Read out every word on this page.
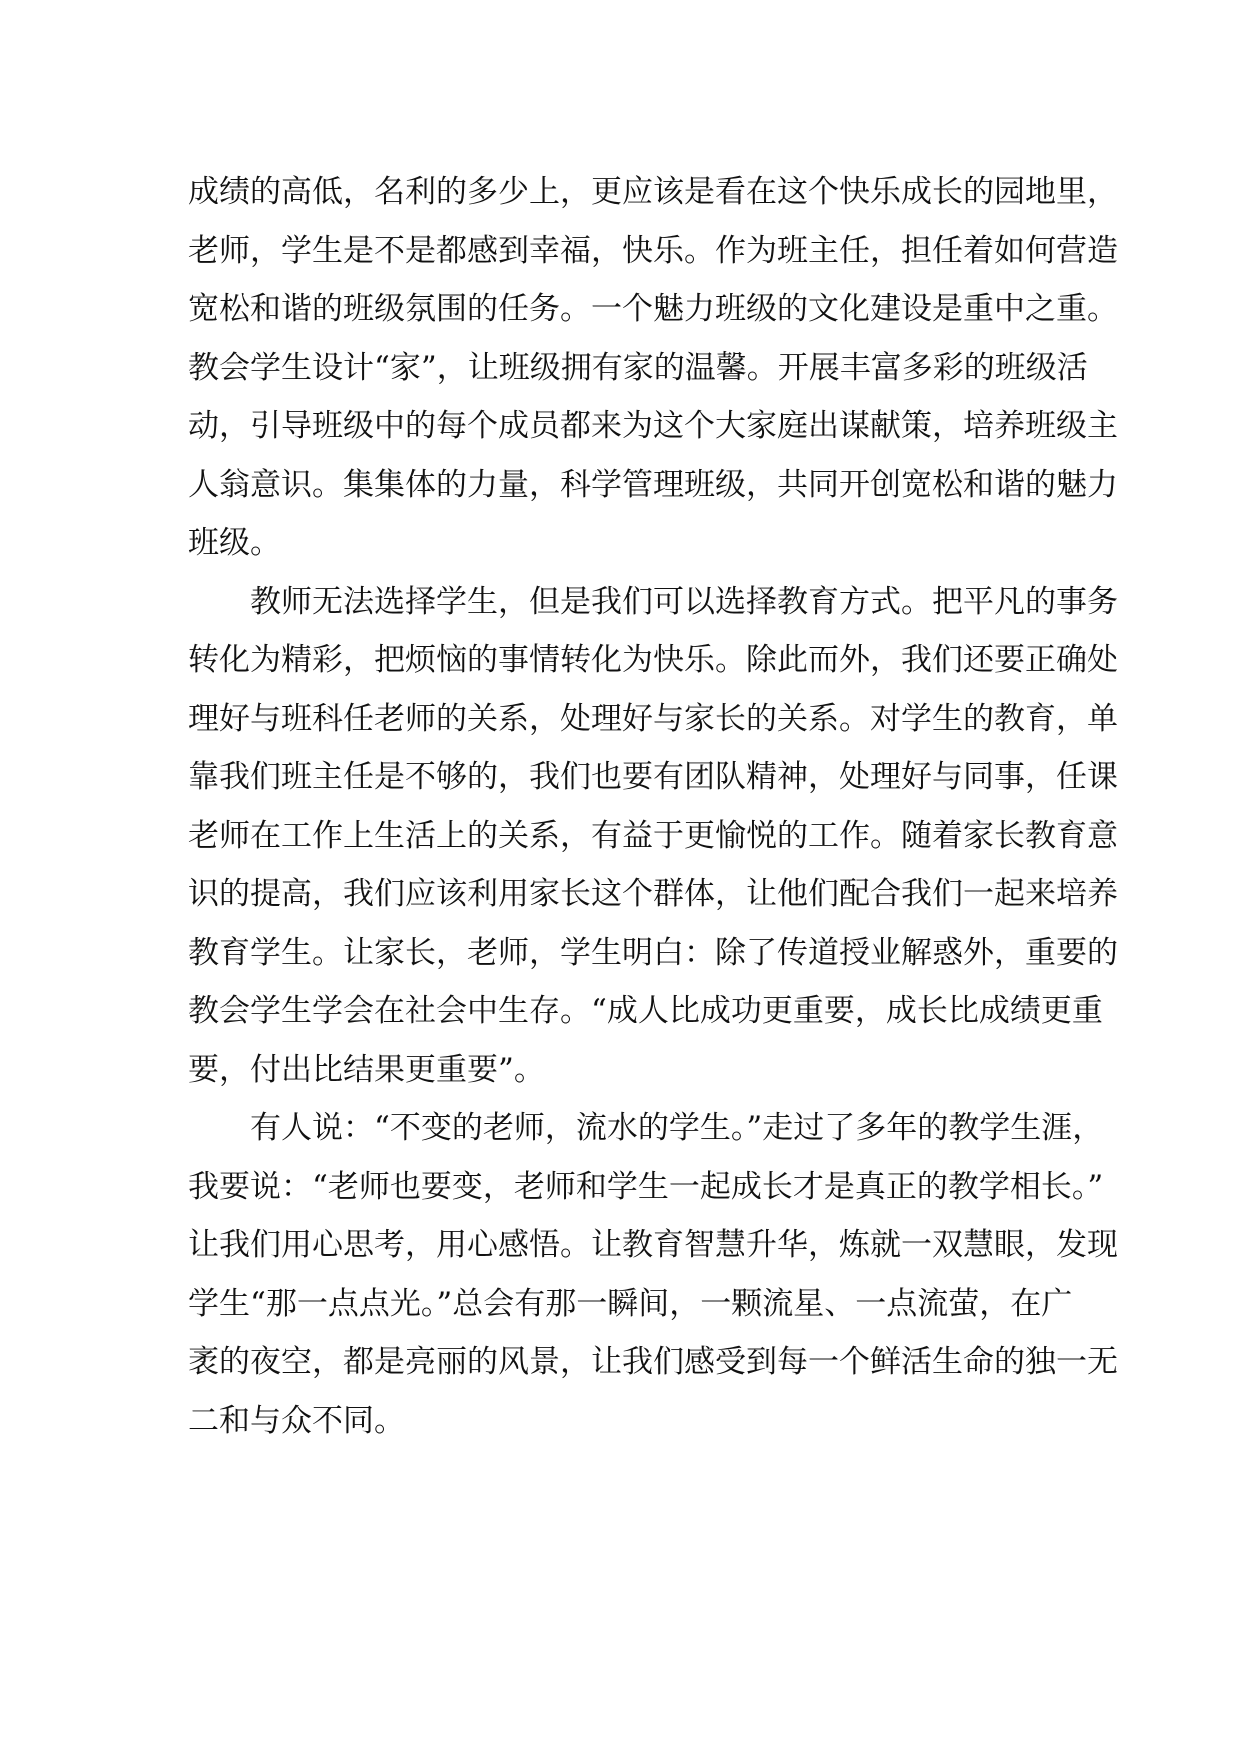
成绩的高低，名利的多少上，更应该是看在这个快乐成长的园地里，
老师，学生是不是都感到幸福，快乐。作为班主任，担任着如何营造
宽松和谐的班级氛围的任务。一个魅力班级的文化建设是重中之重。
教会学生设计“家”，让班级拥有家的温馨。开展丰富多彩的班级活
动，引导班级中的每个成员都来为这个大家庭出谋献策，培养班级主
人翁意识。集集体的力量，科学管理班级，共同开创宽松和谐的魅力
班级。
教师无法选择学生，但是我们可以选择教育方式。把平凡的事务
转化为精彩，把烦恼的事情转化为快乐。除此而外，我们还要正确处
理好与班科任老师的关系，处理好与家长的关系。对学生的教育，单
靠我们班主任是不够的，我们也要有团队精神，处理好与同事，任课
老师在工作上生活上的关系，有益于更愉悦的工作。随着家长教育意
识的提高，我们应该利用家长这个群体，让他们配合我们一起来培养
教育学生。让家长，老师，学生明白：除了传道授业解惑外，重要的
教会学生学会在社会中生存。“成人比成功更重要，成长比成绩更重
要，付出比结果更重要”。
有人说：“不变的老师，流水的学生。”走过了多年的教学生涯，
我要说：“老师也要变，老师和学生一起成长才是真正的教学相长。”
让我们用心思考，用心感悟。让教育智慧升华，炼就一双慧眼，发现
学生“那一点点光。”总会有那一瞬间，一颗流星、一点流萤，在广
袤的夜空，都是亮丽的风景，让我们感受到每一个鲜活生命的独一无
二和与众不同。
